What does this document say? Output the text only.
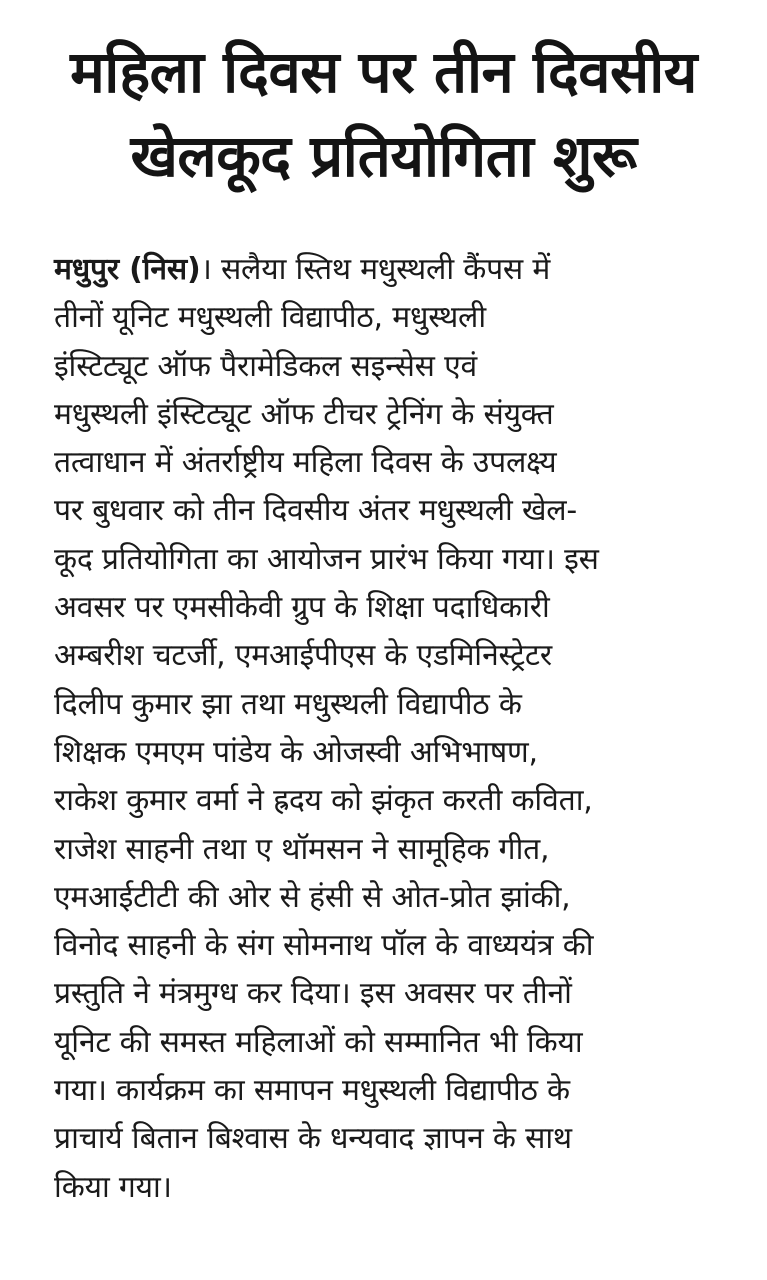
महिला दिवस पर तीन दिवसीय
खेलकूद प्रतियोगिता शुरू
मधुपुर (निस)। सलैया स्तिथ मधुस्थली कैंपस में
तीनों यूनिट मधुस्थली विद्यापीठ, मधुस्थली
इंस्टिट्यूट ऑफ पैरामेडिकल सइन्सेस एवं
मधुस्थली इंस्टिट्यूट ऑफ टीचर ट्रेनिंग के संयुक्त
तत्वाधान में अंतर्राष्ट्रीय महिला दिवस के उपलक्ष्य
पर बुधवार को तीन दिवसीय अंतर मधुस्थली खेल-
कूद प्रतियोगिता का आयोजन प्रारंभ किया गया। इस
अवसर पर एमसीकेवी ग्रुप के शिक्षा पदाधिकारी
अम्बरीश चटर्जी, एमआईपीएस के एडमिनिस्ट्रेटर
दिलीप कुमार झा तथा मधुस्थली विद्यापीठ के
शिक्षक एमएम पांडेय के ओजस्वी अभिभाषण,
राकेश कुमार वर्मा ने ह्रदय को झंकृत करती कविता,
राजेश साहनी तथा ए थॉमसन ने सामूहिक गीत,
एमआईटीटी की ओर से हंसी से ओत-प्रोत झांकी,
विनोद साहनी के संग सोमनाथ पॉल के वाध्ययंत्र की
प्रस्तुति ने मंत्रमुग्ध कर दिया। इस अवसर पर तीनों
यूनिट की समस्त महिलाओं को सम्मानित भी किया
गया। कार्यक्रम का समापन मधुस्थली विद्यापीठ के
प्राचार्य बितान बिश्वास के धन्यवाद ज्ञापन के साथ
किया गया।
